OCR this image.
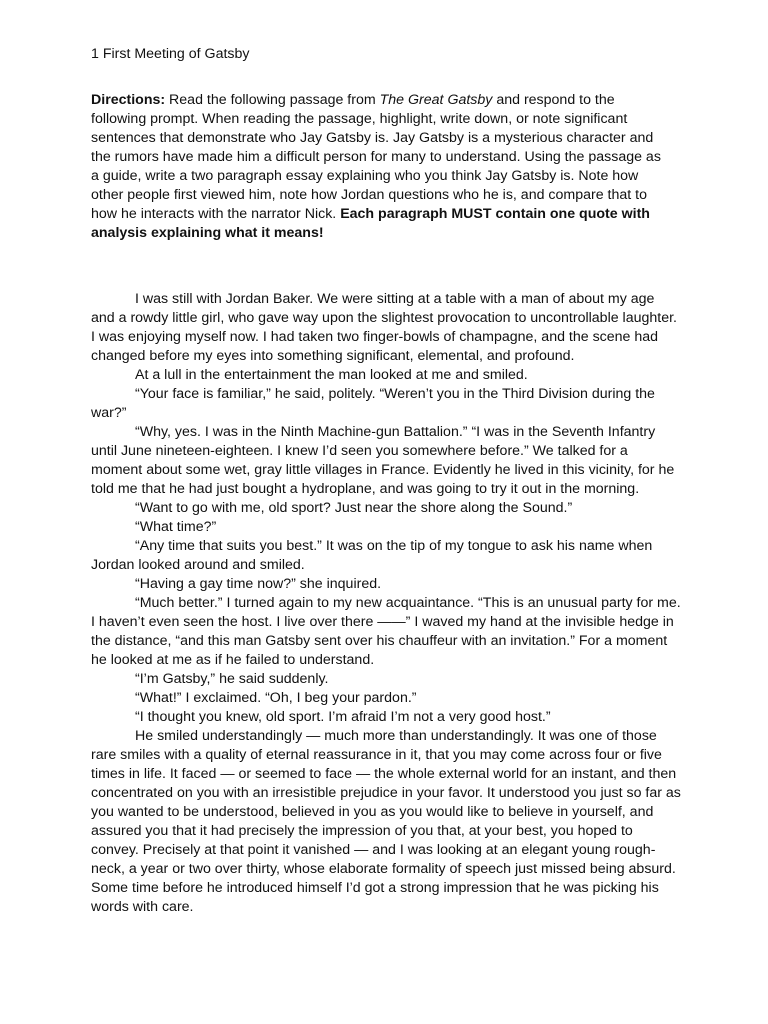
1 First Meeting of Gatsby

Directions: Read the following passage from The Great Gatsby and respond to the following prompt. When reading the passage, highlight, write down, or note significant sentences that demonstrate who Jay Gatsby is. Jay Gatsby is a mysterious character and the rumors have made him a difficult person for many to understand. Using the passage as a guide, write a two paragraph essay explaining who you think Jay Gatsby is. Note how other people first viewed him, note how Jordan questions who he is, and compare that to how he interacts with the narrator Nick. Each paragraph MUST contain one quote with analysis explaining what it means!

I was still with Jordan Baker. We were sitting at a table with a man of about my age and a rowdy little girl, who gave way upon the slightest provocation to uncontrollable laughter. I was enjoying myself now. I had taken two finger-bowls of champagne, and the scene had changed before my eyes into something significant, elemental, and profound.

At a lull in the entertainment the man looked at me and smiled.

“Your face is familiar,” he said, politely. “Weren’t you in the Third Division during the war?”

“Why, yes. I was in the Ninth Machine-gun Battalion.” “I was in the Seventh Infantry until June nineteen-eighteen. I knew I’d seen you somewhere before.” We talked for a moment about some wet, gray little villages in France. Evidently he lived in this vicinity, for he told me that he had just bought a hydroplane, and was going to try it out in the morning.

“Want to go with me, old sport? Just near the shore along the Sound.”

“What time?”

“Any time that suits you best.” It was on the tip of my tongue to ask his name when Jordan looked around and smiled.

“Having a gay time now?” she inquired.

“Much better.” I turned again to my new acquaintance. “This is an unusual party for me. I haven’t even seen the host. I live over there ——” I waved my hand at the invisible hedge in the distance, “and this man Gatsby sent over his chauffeur with an invitation.” For a moment he looked at me as if he failed to understand.

“I’m Gatsby,” he said suddenly.

“What!” I exclaimed. “Oh, I beg your pardon.”

“I thought you knew, old sport. I’m afraid I’m not a very good host.”

He smiled understandingly — much more than understandingly. It was one of those rare smiles with a quality of eternal reassurance in it, that you may come across four or five times in life. It faced — or seemed to face — the whole external world for an instant, and then concentrated on you with an irresistible prejudice in your favor. It understood you just so far as you wanted to be understood, believed in you as you would like to believe in yourself, and assured you that it had precisely the impression of you that, at your best, you hoped to convey. Precisely at that point it vanished — and I was looking at an elegant young rough-neck, a year or two over thirty, whose elaborate formality of speech just missed being absurd. Some time before he introduced himself I’d got a strong impression that he was picking his words with care.
